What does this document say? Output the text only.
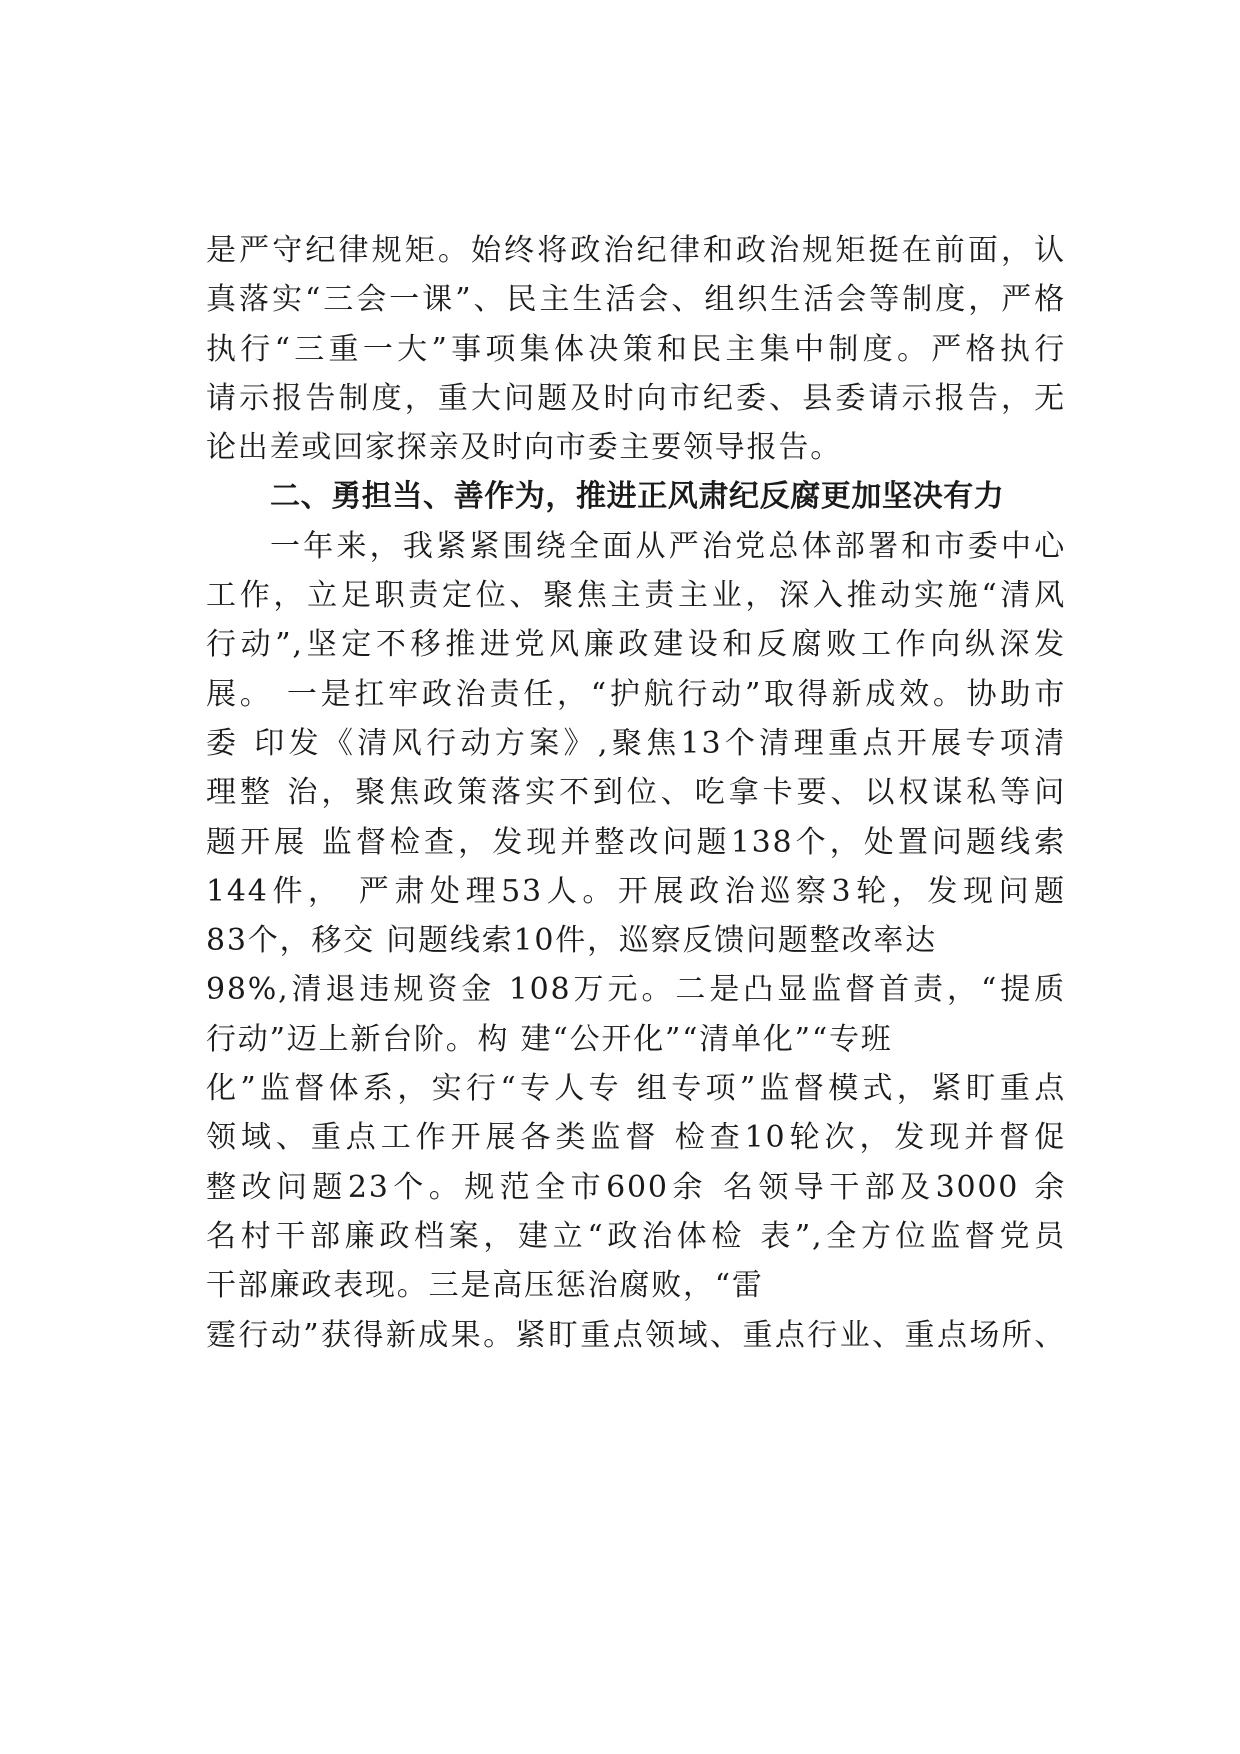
是严守纪律规矩。始终将政治纪律和政治规矩挺在前面，认
真落实“三会一课”、民主生活会、组织生活会等制度，严格
执行“三重一大”事项集体决策和民主集中制度。严格执行
请示报告制度，重大问题及时向市纪委、县委请示报告，无
论出差或回家探亲及时向市委主要领导报告。
二、勇担当、善作为，推进正风肃纪反腐更加坚决有力
一年来，我紧紧围绕全面从严治党总体部署和市委中心
工作，立足职责定位、聚焦主责主业，深入推动实施“清风
行动”,坚定不移推进党风廉政建设和反腐败工作向纵深发
展。 一是扛牢政治责任，“护航行动”取得新成效。协助市
委 印发《清风行动方案》,聚焦13个清理重点开展专项清
理整 治，聚焦政策落实不到位、吃拿卡要、以权谋私等问
题开展 监督检查，发现并整改问题138个，处置问题线索
144件， 严肃处理53人。开展政治巡察3轮，发现问题
83个，移交 问题线索10件，巡察反馈问题整改率达
98%,清退违规资金 108万元。二是凸显监督首责，“提质
行动”迈上新台阶。构 建“公开化”“清单化”“专班
化”监督体系，实行“专人专 组专项”监督模式，紧盯重点
领域、重点工作开展各类监督 检查10轮次，发现并督促
整改问题23个。规范全市600余 名领导干部及3000 余
名村干部廉政档案，建立“政治体检 表”,全方位监督党员
干部廉政表现。三是高压惩治腐败，“雷
霆行动”获得新成果。紧盯重点领域、重点行业、重点场所、
